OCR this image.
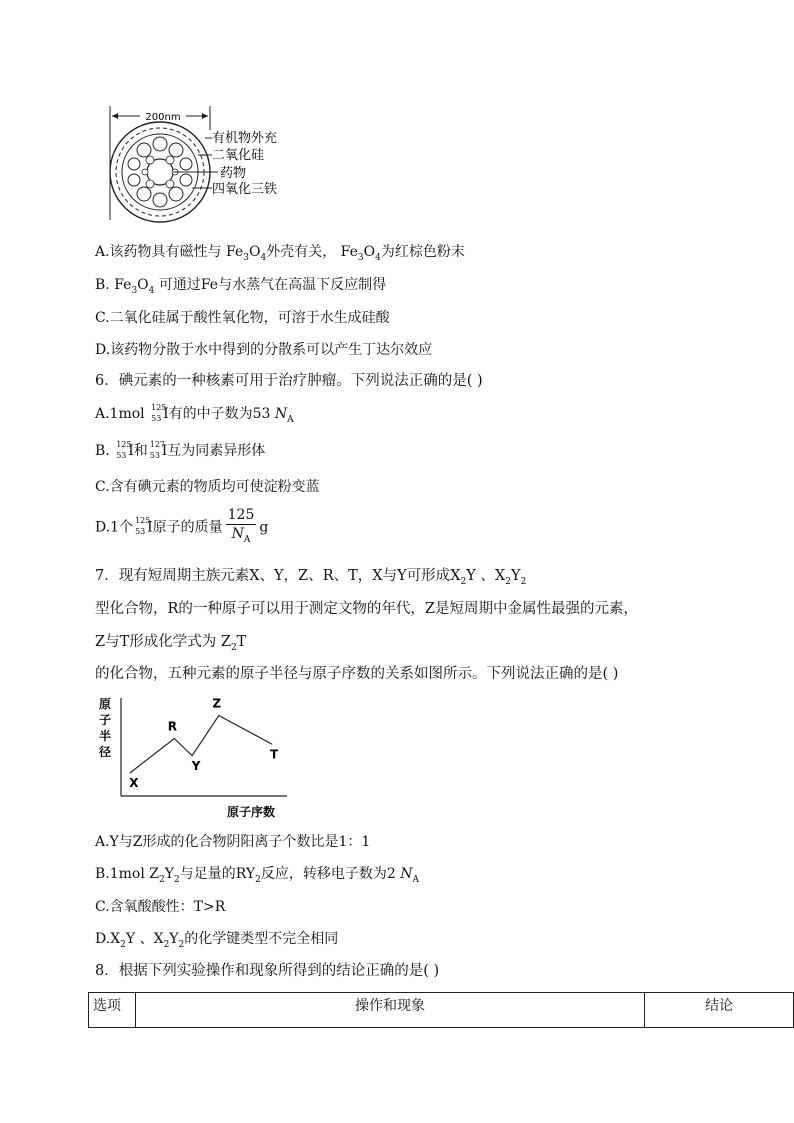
200nm
有机物外充
二氧化硅
药物
四氧化三铁
A.该药物具有磁性与 $Fe_3O_4$外壳有关， $Fe_3O_4$为红棕色粉末
B. $Fe_3O_4$ 可通过Fe与水蒸气在高温下反应制得
C.二氧化硅属于酸性氧化物，可溶于水生成硅酸
D.该药物分散于水中得到的分散系可以产生丁达尔效应
6．碘元素的一种核素可用于治疗肿瘤。下列说法正确的是( )
A.1mol 125
53 I有的中子数为53 $N_A$
B. 125
53 I和 127
53 I互为同素异形体
C.含有碘元素的物质均可使淀粉变蓝
D.1个 125
53 I原子的质量 $\frac{125}{N_A}$ g
7．现有短周期主族元素X、Y，Z、R、T，X与Y可形成$X_2Y$ 、$X_2Y_2$
型化合物，R的一种原子可以用于测定文物的年代，Z是短周期中金属性最强的元素，
Z与T形成化学式为 $Z_2T$
的化合物，五种元素的原子半径与原子序数的关系如图所示。下列说法正确的是( )
原
子
半
径
原子序数
X
R
Y
Z
T
A.Y与Z形成的化合物阴阳离子个数比是1：1
B.1mol $Z_2Y_2$与足量的$RY_2$反应，转移电子数为2 $N_A$
C.含氧酸酸性：T>R
$D.X_2Y$ 、$X_2Y_2$的化学键类型不完全相同
8．根据下列实验操作和现象所得到的结论正确的是( )
选项	操作和现象	结论
